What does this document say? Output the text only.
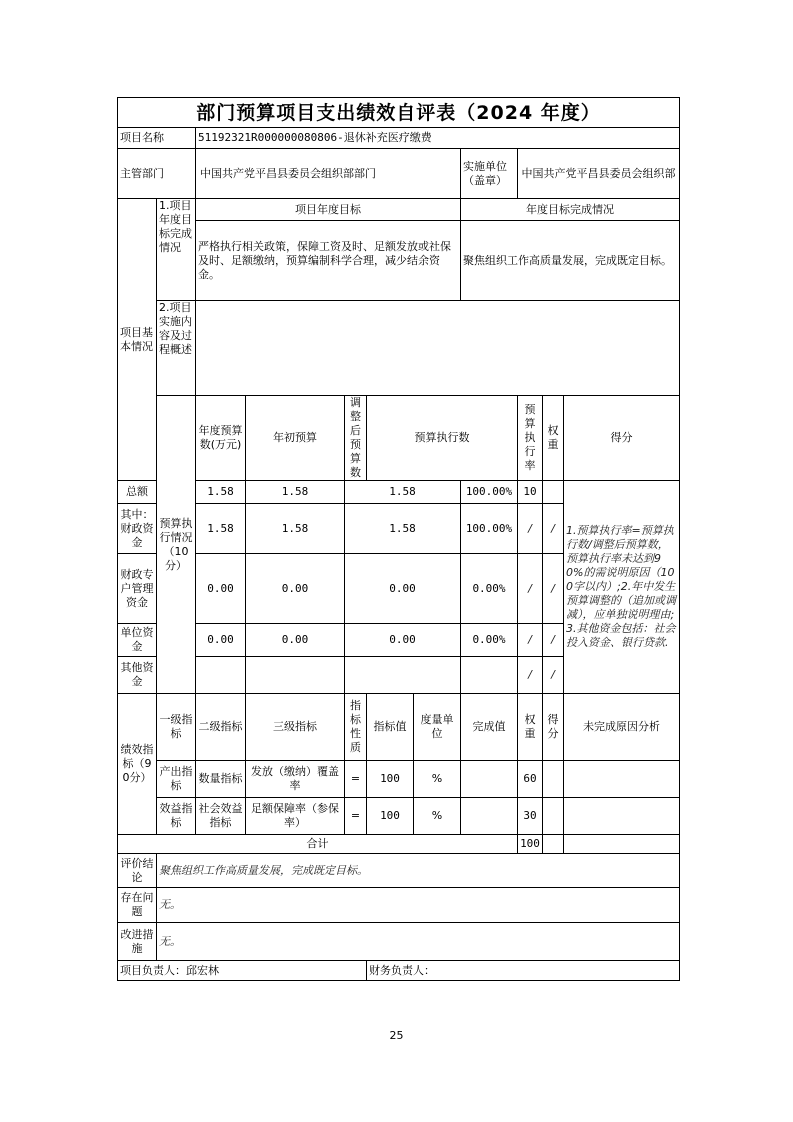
部门预算项目支出绩效自评表（2024 年度）											
项目名称		51192321R000000080806-退休补充医疗缴费									
主管部门		中国共产党平昌县委员会组织部部门					实施单位（盖章）	中国共产党平昌县委员会组织部			
项目基本情况	1.项目年度目标完成情况	项目年度目标					年度目标完成情况				
		严格执行相关政策，保障工资及时、足额发放或社保及时、足额缴纳，预算编制科学合理，减少结余资金。					聚焦组织工作高质量发展，完成既定目标。				
	2.项目实施内容及过程概述										
	预算执行情况（10分）	年度预算数(万元)	年初预算	调整后预算数	预算执行数			预算执行率	权重	得分	
总额		1.58	1.58	1.58			100.00%	10		1.预算执行率=预算执行数/调整后预算数，预算执行率未达到90%的需说明原因（100字以内）;2.年中发生预算调整的（追加或调减），应单独说明理由;3.其他资金包括：社会投入资金、银行贷款.	
其中：财政资金		1.58	1.58	1.58			100.00%	/	/		
财政专户管理资金		0.00	0.00	0.00			0.00%	/	/		
单位资金		0.00	0.00	0.00			0.00%	/	/		
其他资金								/	/		
绩效指标（90分）	一级指标	二级指标	三级指标	指标性质	指标值	度量单位	完成值	权重	得分	未完成原因分析	
	产出指标	数量指标	发放（缴纳）覆盖率	=	100	%		60			
	效益指标	社会效益指标	足额保障率（参保率）	=	100	%		30			
合计								100			
评价结论	聚焦组织工作高质量发展，完成既定目标。										
存在问题	无。										
改进措施	无。										
项目负责人：邱宏林					财务负责人：						
25
